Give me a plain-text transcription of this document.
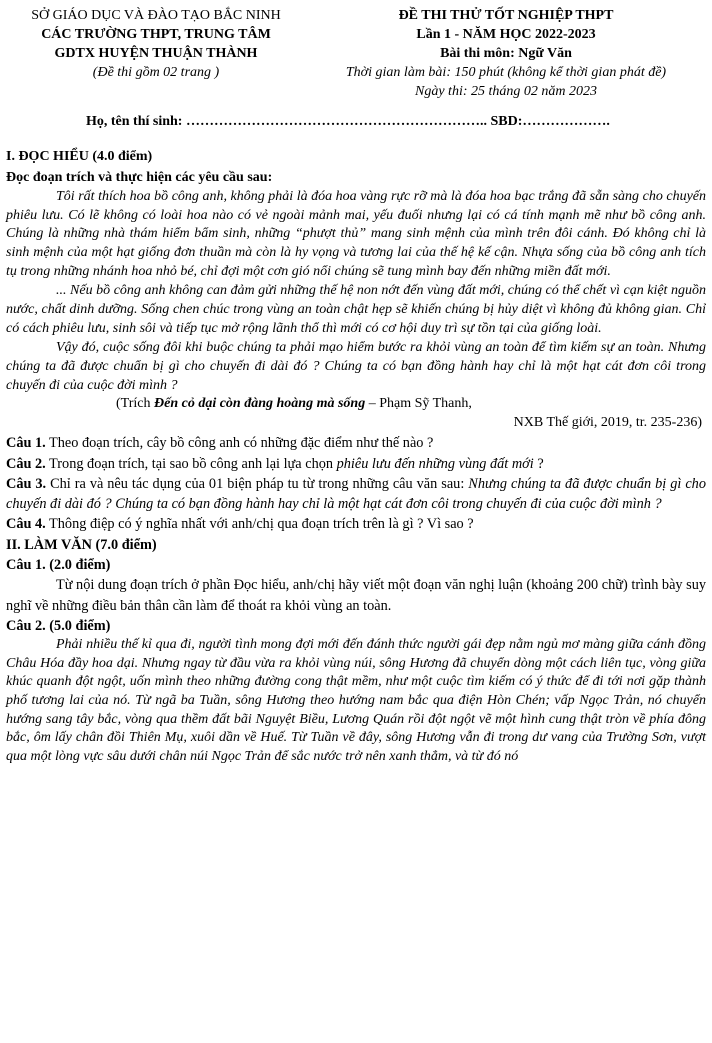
SỞ GIÁO DỤC VÀ ĐÀO TẠO BẮC NINH

CÁC TRƯỜNG THPT, TRUNG TÂM

GDTX HUYỆN THUẬN THÀNH

(Đề thi gồm 02 trang )

ĐỀ THI THỬ TỐT NGHIỆP THPT

Lần 1 - NĂM HỌC 2022-2023

Bài thi môn: Ngữ Văn

Thời gian làm bài: 150 phút (không kể thời gian phát đề)

Ngày thi: 25 tháng 02 năm 2023

Họ, tên thí sinh: ……………………………………………………….. SBD:……………….
I. ĐỌC HIỂU (4.0 điểm)
Đọc đoạn trích và thực hiện các yêu cầu sau:

Tôi rất thích hoa bồ công anh, không phải là đóa hoa vàng rực rỡ mà là đóa hoa bạc trắng đã sẵn sàng cho chuyến phiêu lưu. Có lẽ không có loài hoa nào có vẻ ngoài mảnh mai, yếu đuối nhưng lại có cá tính mạnh mẽ như bồ công anh. Chúng là những nhà thám hiểm bẩm sinh, những “phượt thủ” mang sinh mệnh của mình trên đôi cánh. Đó không chỉ là sinh mệnh của một hạt giống đơn thuần mà còn là hy vọng và tương lai của thế hệ kế cận. Nhựa sống của bồ công anh tích tụ trong những nhánh hoa nhỏ bé, chỉ đợi một cơn gió nổi chúng sẽ tung mình bay đến những miền đất mới.

... Nếu bồ công anh không can đảm gửi những thế hệ non nớt đến vùng đất mới, chúng có thể chết vì cạn kiệt nguồn nước, chất dinh dưỡng. Sống chen chúc trong vùng an toàn chật hẹp sẽ khiến chúng bị hủy diệt vì không đủ không gian. Chỉ có cách phiêu lưu, sinh sôi và tiếp tục mở rộng lãnh thổ thì mới có cơ hội duy trì sự tồn tại của giống loài.

Vậy đó, cuộc sống đôi khi buộc chúng ta phải mạo hiểm bước ra khỏi vùng an toàn để tìm kiếm sự an toàn. Nhưng chúng ta đã được chuẩn bị gì cho chuyến đi dài đó ? Chúng ta có bạn đồng hành hay chỉ là một hạt cát đơn côi trong chuyến đi của cuộc đời mình ?

(Trích Đến cỏ dại còn đàng hoàng mà sống – Phạm Sỹ Thanh,

NXB Thế giới, 2019, tr. 235-236)

Câu 1. Theo đoạn trích, cây bồ công anh có những đặc điểm như thế nào ?

Câu 2. Trong đoạn trích, tại sao bồ công anh lại lựa chọn phiêu lưu đến những vùng đất mới ?

Câu 3. Chỉ ra và nêu tác dụng của 01 biện pháp tu từ trong những câu văn sau: Nhưng chúng ta đã được chuẩn bị gì cho chuyến đi dài đó ? Chúng ta có bạn đồng hành hay chỉ là một hạt cát đơn côi trong chuyến đi của cuộc đời mình ?

Câu 4. Thông điệp có ý nghĩa nhất với anh/chị qua đoạn trích trên là gì ? Vì sao ?

II. LÀM VĂN (7.0 điểm)
Câu 1. (2.0 điểm)

Từ nội dung đoạn trích ở phần Đọc hiểu, anh/chị hãy viết một đoạn văn nghị luận (khoảng 200 chữ) trình bày suy nghĩ về những điều bản thân cần làm để thoát ra khỏi vùng an toàn.

Câu 2. (5.0 điểm)

Phải nhiều thế kỉ qua đi, người tình mong đợi mới đến đánh thức người gái đẹp nằm ngủ mơ màng giữa cánh đồng Châu Hóa đầy hoa dại. Nhưng ngay từ đầu vừa ra khỏi vùng núi, sông Hương đã chuyển dòng một cách liên tục, vòng giữa khúc quanh đột ngột, uốn mình theo những đường cong thật mềm, như một cuộc tìm kiếm có ý thức để đi tới nơi gặp thành phố tương lai của nó. Từ ngã ba Tuần, sông Hương theo hướng nam bắc qua điện Hòn Chén; vấp Ngọc Trản, nó chuyển hướng sang tây bắc, vòng qua thềm đất bãi Nguyệt Biều, Lương Quán rồi đột ngột vẽ một hình cung thật tròn về phía đông bắc, ôm lấy chân đồi Thiên Mụ, xuôi dần về Huế. Từ Tuần về đây, sông Hương vẫn đi trong dư vang của Trường Sơn, vượt qua một lòng vực sâu dưới chân núi Ngọc Trản để sắc nước trở nên xanh thẳm, và từ đó nó
